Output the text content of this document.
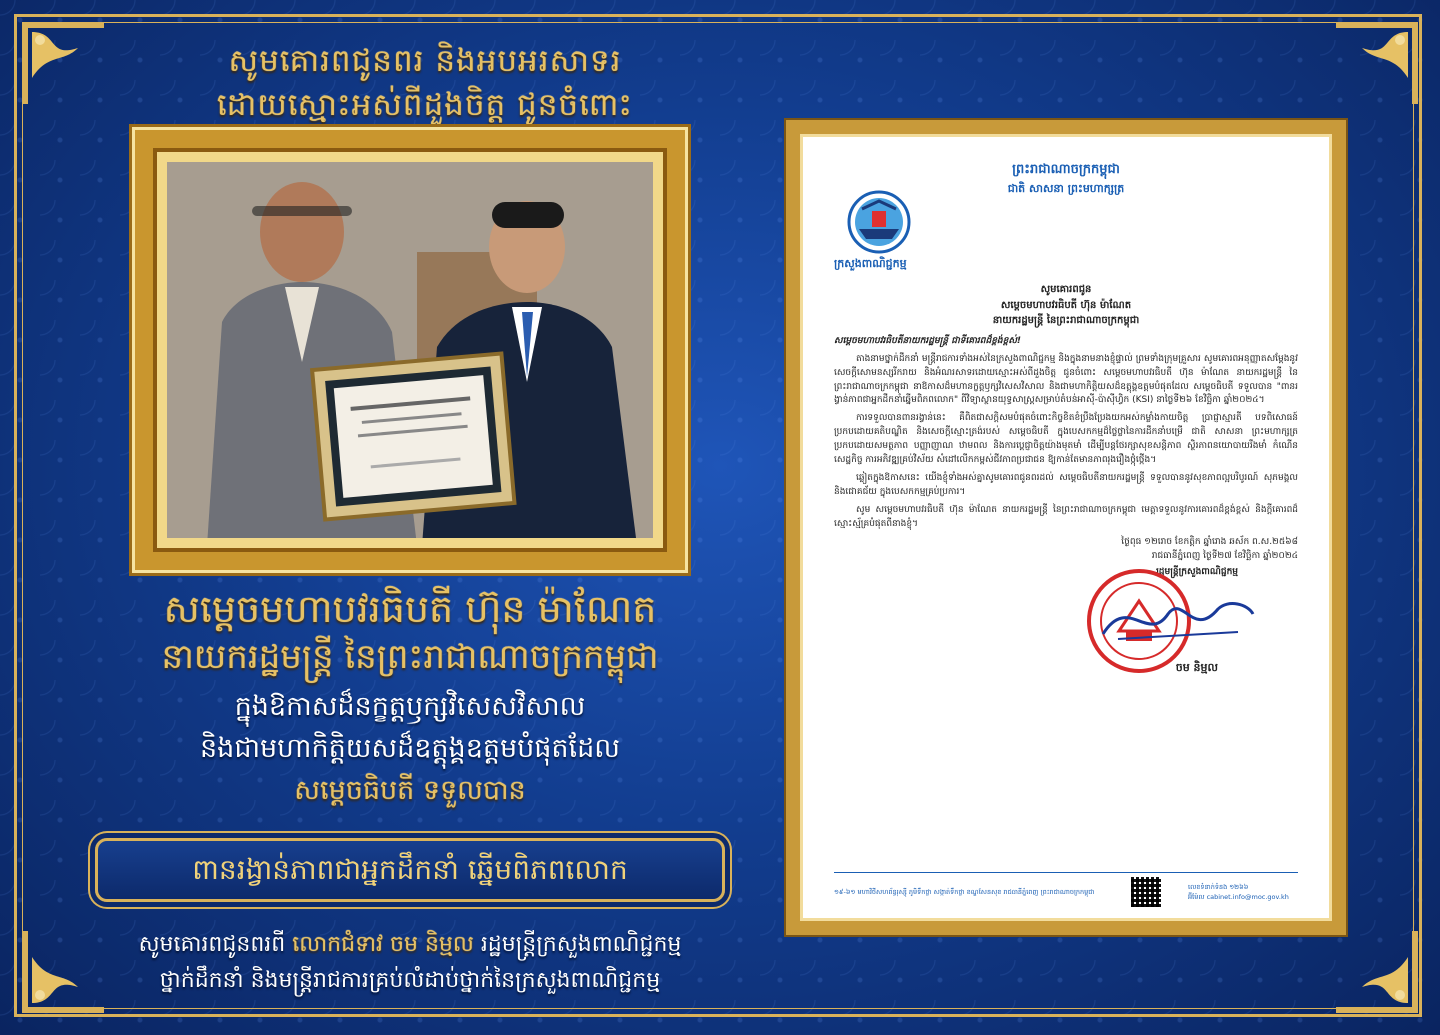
សូមគោរពជូនពរ និងអបអរសាទរ
ដោយស្មោះអស់ពីដួងចិត្ត ជូនចំពោះ
សម្តេចមហាបវរធិបតី ហ៊ុន ម៉ាណែត
នាយករដ្ឋមន្ត្រី នៃព្រះរាជាណាចក្រកម្ពុជា
ក្នុងឱកាសដ៏នក្ខត្តឫក្សវិសេសវិសាល
និងជាមហាកិត្តិយសដ៏ឧត្តុង្គឧត្តមបំផុតដែល
សម្តេចធិបតី ទទួលបាន
ពានរង្វាន់ភាពជាអ្នកដឹកនាំ ឆ្នើមពិភពលោក
សូមគោរពជូនពរពី លោកជំទាវ ចម និម្មល រដ្ឋមន្ត្រីក្រសួងពាណិជ្ជកម្ម
ថ្នាក់ដឹកនាំ និងមន្ត្រីរាជការគ្រប់លំដាប់ថ្នាក់នៃក្រសួងពាណិជ្ជកម្ម
ព្រះរាជាណាចក្រកម្ពុជា
ជាតិ សាសនា ព្រះមហាក្សត្រ
ក្រសួងពាណិជ្ជកម្ម
សូមគោរពជូន
សម្តេចមហាបវរធិបតី ហ៊ុន ម៉ាណែត
នាយករដ្ឋមន្ត្រី នៃព្រះរាជាណាចក្រកម្ពុជា
សម្តេចមហាបវរធិបតីនាយករដ្ឋមន្ត្រី ជាទីគោរពដ៏ខ្ពង់ខ្ពស់!

តាងនាមថ្នាក់ដឹកនាំ មន្ត្រីរាជការទាំងអស់នៃក្រសួងពាណិជ្ជកម្ម និងក្នុងនាមនាងខ្ញុំផ្ទាល់ ព្រមទាំងក្រុមគ្រួសារ សូមគោរពអនុញ្ញាតសម្តែងនូវសេចក្តីសោមនស្សរីករាយ និងអំណរសាទរដោយស្មោះអស់ពីដួងចិត្ត ជូនចំពោះ សម្តេចមហាបវរធិបតី ហ៊ុន ម៉ាណែត នាយករដ្ឋមន្ត្រី នៃព្រះរាជាណាចក្រកម្ពុជា នាឱកាសដ៏មហានក្ខត្តឫក្សវិសេសវិសាល និងជាមហាកិត្តិយសដ៏ឧត្តុង្គឧត្តមបំផុតដែល សម្តេចធិបតី ទទួលបាន "ពានរង្វាន់ភាពជាអ្នកដឹកនាំឆ្នើមពិភពលោក" ពីវិទ្យាស្ថានយុទ្ធសាស្ត្រសម្រាប់តំបន់អាស៊ី-ប៉ាស៊ីហ្វិក (KSI) នាថ្ងៃទី២៦ ខែវិច្ឆិកា ឆ្នាំ២០២៤។

ការទទួលបានពានរង្វាន់នេះ គឺពិតជាសក្តិសមបំផុតចំពោះកិច្ចខិតខំប្រឹងប្រែងយកអស់កម្លាំងកាយចិត្ត ប្រាជ្ញាស្មារតី បទពិសោធន៍ប្រកបដោយគតិបណ្ឌិត និងសេចក្តីស្មោះត្រង់របស់ សម្តេចធិបតី ក្នុងបេសកកម្មដ៏ថ្លៃថ្លានៃការដឹកនាំបម្រើ ជាតិ សាសនា ព្រះមហាក្សត្រ ប្រកបដោយសមត្ថភាព បញ្ញាញាណ ឋាមពល និងការប្តេជ្ញាចិត្តយ៉ាងមុតមាំ ដើម្បីបន្តថែរក្សាសុខសន្តិភាព ស្ថិរភាពនយោបាយរឹងមាំ កំណើនសេដ្ឋកិច្ច ការអភិវឌ្ឍគ្រប់វិស័យ សំដៅលើកកម្ពស់ជីវភាពប្រជាជន ឱ្យកាន់តែមានភាពរុងរឿងថ្កុំថ្កើង។

ឆ្លៀតក្នុងឱកាសនេះ យើងខ្ញុំទាំងអស់គ្នាសូមគោរពជូនពរដល់ សម្តេចធិបតីនាយករដ្ឋមន្ត្រី ទទួលបាននូវសុខភាពល្អបរិបូរណ៍ សុភមង្គល និងជោគជ័យ ក្នុងបេសកកម្មគ្រប់ប្រការ។

សូម សម្តេចមហាបវរធិបតី ហ៊ុន ម៉ាណែត នាយករដ្ឋមន្ត្រី នៃព្រះរាជាណាចក្រកម្ពុជា មេត្តាទទួលនូវការគោរពដ៏ខ្ពង់ខ្ពស់ និងក្តីគោរពដ៏ស្មោះស្ម័គ្របំផុតពីនាងខ្ញុំ។

ថ្ងៃពុធ ១២រោច ខែកត្តិក ឆ្នាំរោង ឆស័ក ព.ស.២៥៦៨
រាជធានីភ្នំពេញ ថ្ងៃទី២៧ ខែវិច្ឆិកា ឆ្នាំ២០២៤
រដ្ឋមន្ត្រីក្រសួងពាណិជ្ជកម្ម
ចម និម្មល
១៩-៦១ មហាវិថីសហព័ន្ធរុស្ស៊ី ភូមិទឹកថ្លា សង្កាត់ទឹកថ្លា ខណ្ឌសែនសុខ រាជធានីភ្នំពេញ ព្រះរាជាណាចក្រកម្ពុជា
លេខទំនាក់ទំនង ១២៦៦
អ៊ីម៉ែល cabinet.info@moc.gov.kh
